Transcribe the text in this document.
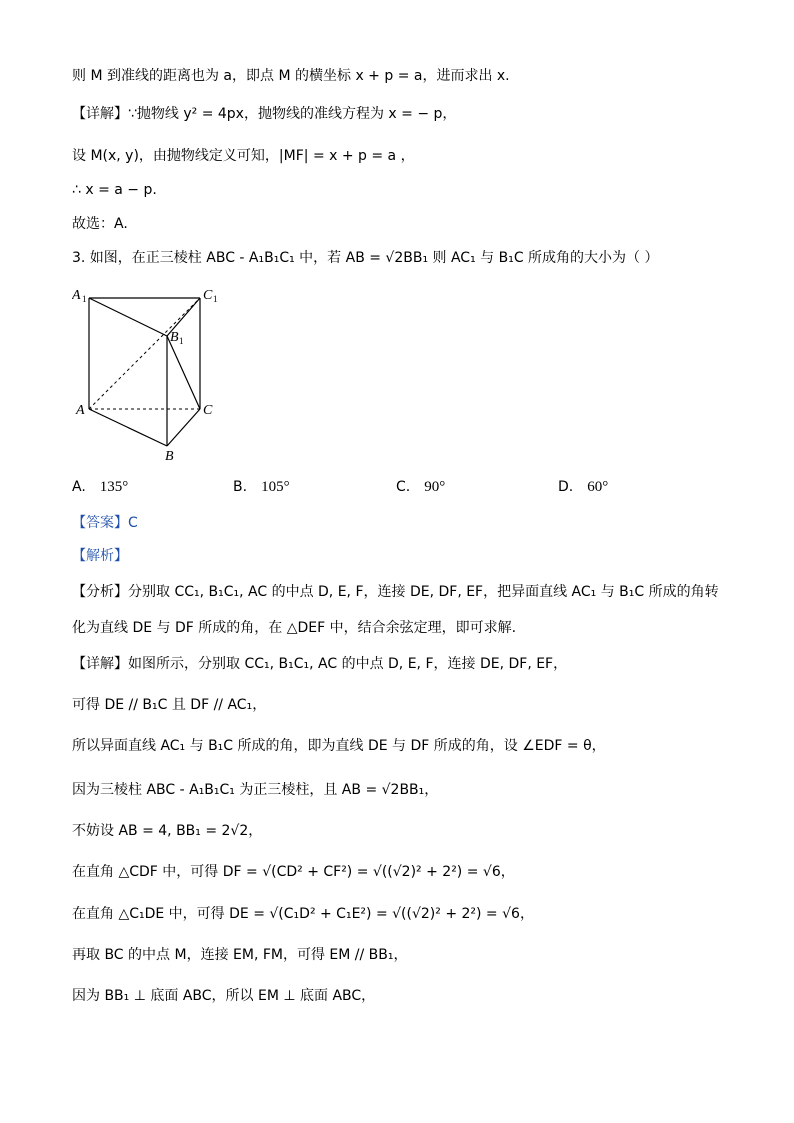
则 M 到准线的距离也为 a，即点 M 的横坐标 x + p = a，进而求出 x.
【详解】∵抛物线 y² = 4px，抛物线的准线方程为 x = − p，
设 M(x, y)，由抛物线定义可知，|MF| = x + p = a ，
∴ x = a − p.
故选：A.
3. 如图，在正三棱柱 ABC - A₁B₁C₁ 中，若 AB = √2BB₁ 则 AC₁ 与 B₁C 所成角的大小为（ ）
A 1	C 1
B 1
A	C
B
A. 135°	B. 105°	C. 90°	D. 60°
【答案】C
【解析】
【分析】分别取 CC₁, B₁C₁, AC 的中点 D, E, F，连接 DE, DF, EF，把异面直线 AC₁ 与 B₁C 所成的角转
化为直线 DE 与 DF 所成的角，在 △DEF 中，结合余弦定理，即可求解.
【详解】如图所示，分别取 CC₁, B₁C₁, AC 的中点 D, E, F，连接 DE, DF, EF，
可得 DE // B₁C 且 DF // AC₁，
所以异面直线 AC₁ 与 B₁C 所成的角，即为直线 DE 与 DF 所成的角，设 ∠EDF = θ，
因为三棱柱 ABC - A₁B₁C₁ 为正三棱柱，且 AB = √2BB₁，
不妨设 AB = 4, BB₁ = 2√2，
在直角 △CDF 中，可得 DF = √(CD² + CF²) = √((√2)² + 2²) = √6，
在直角 △C₁DE 中，可得 DE = √(C₁D² + C₁E²) = √((√2)² + 2²) = √6，
再取 BC 的中点 M，连接 EM, FM，可得 EM // BB₁，
因为 BB₁ ⊥ 底面 ABC，所以 EM ⊥ 底面 ABC，
